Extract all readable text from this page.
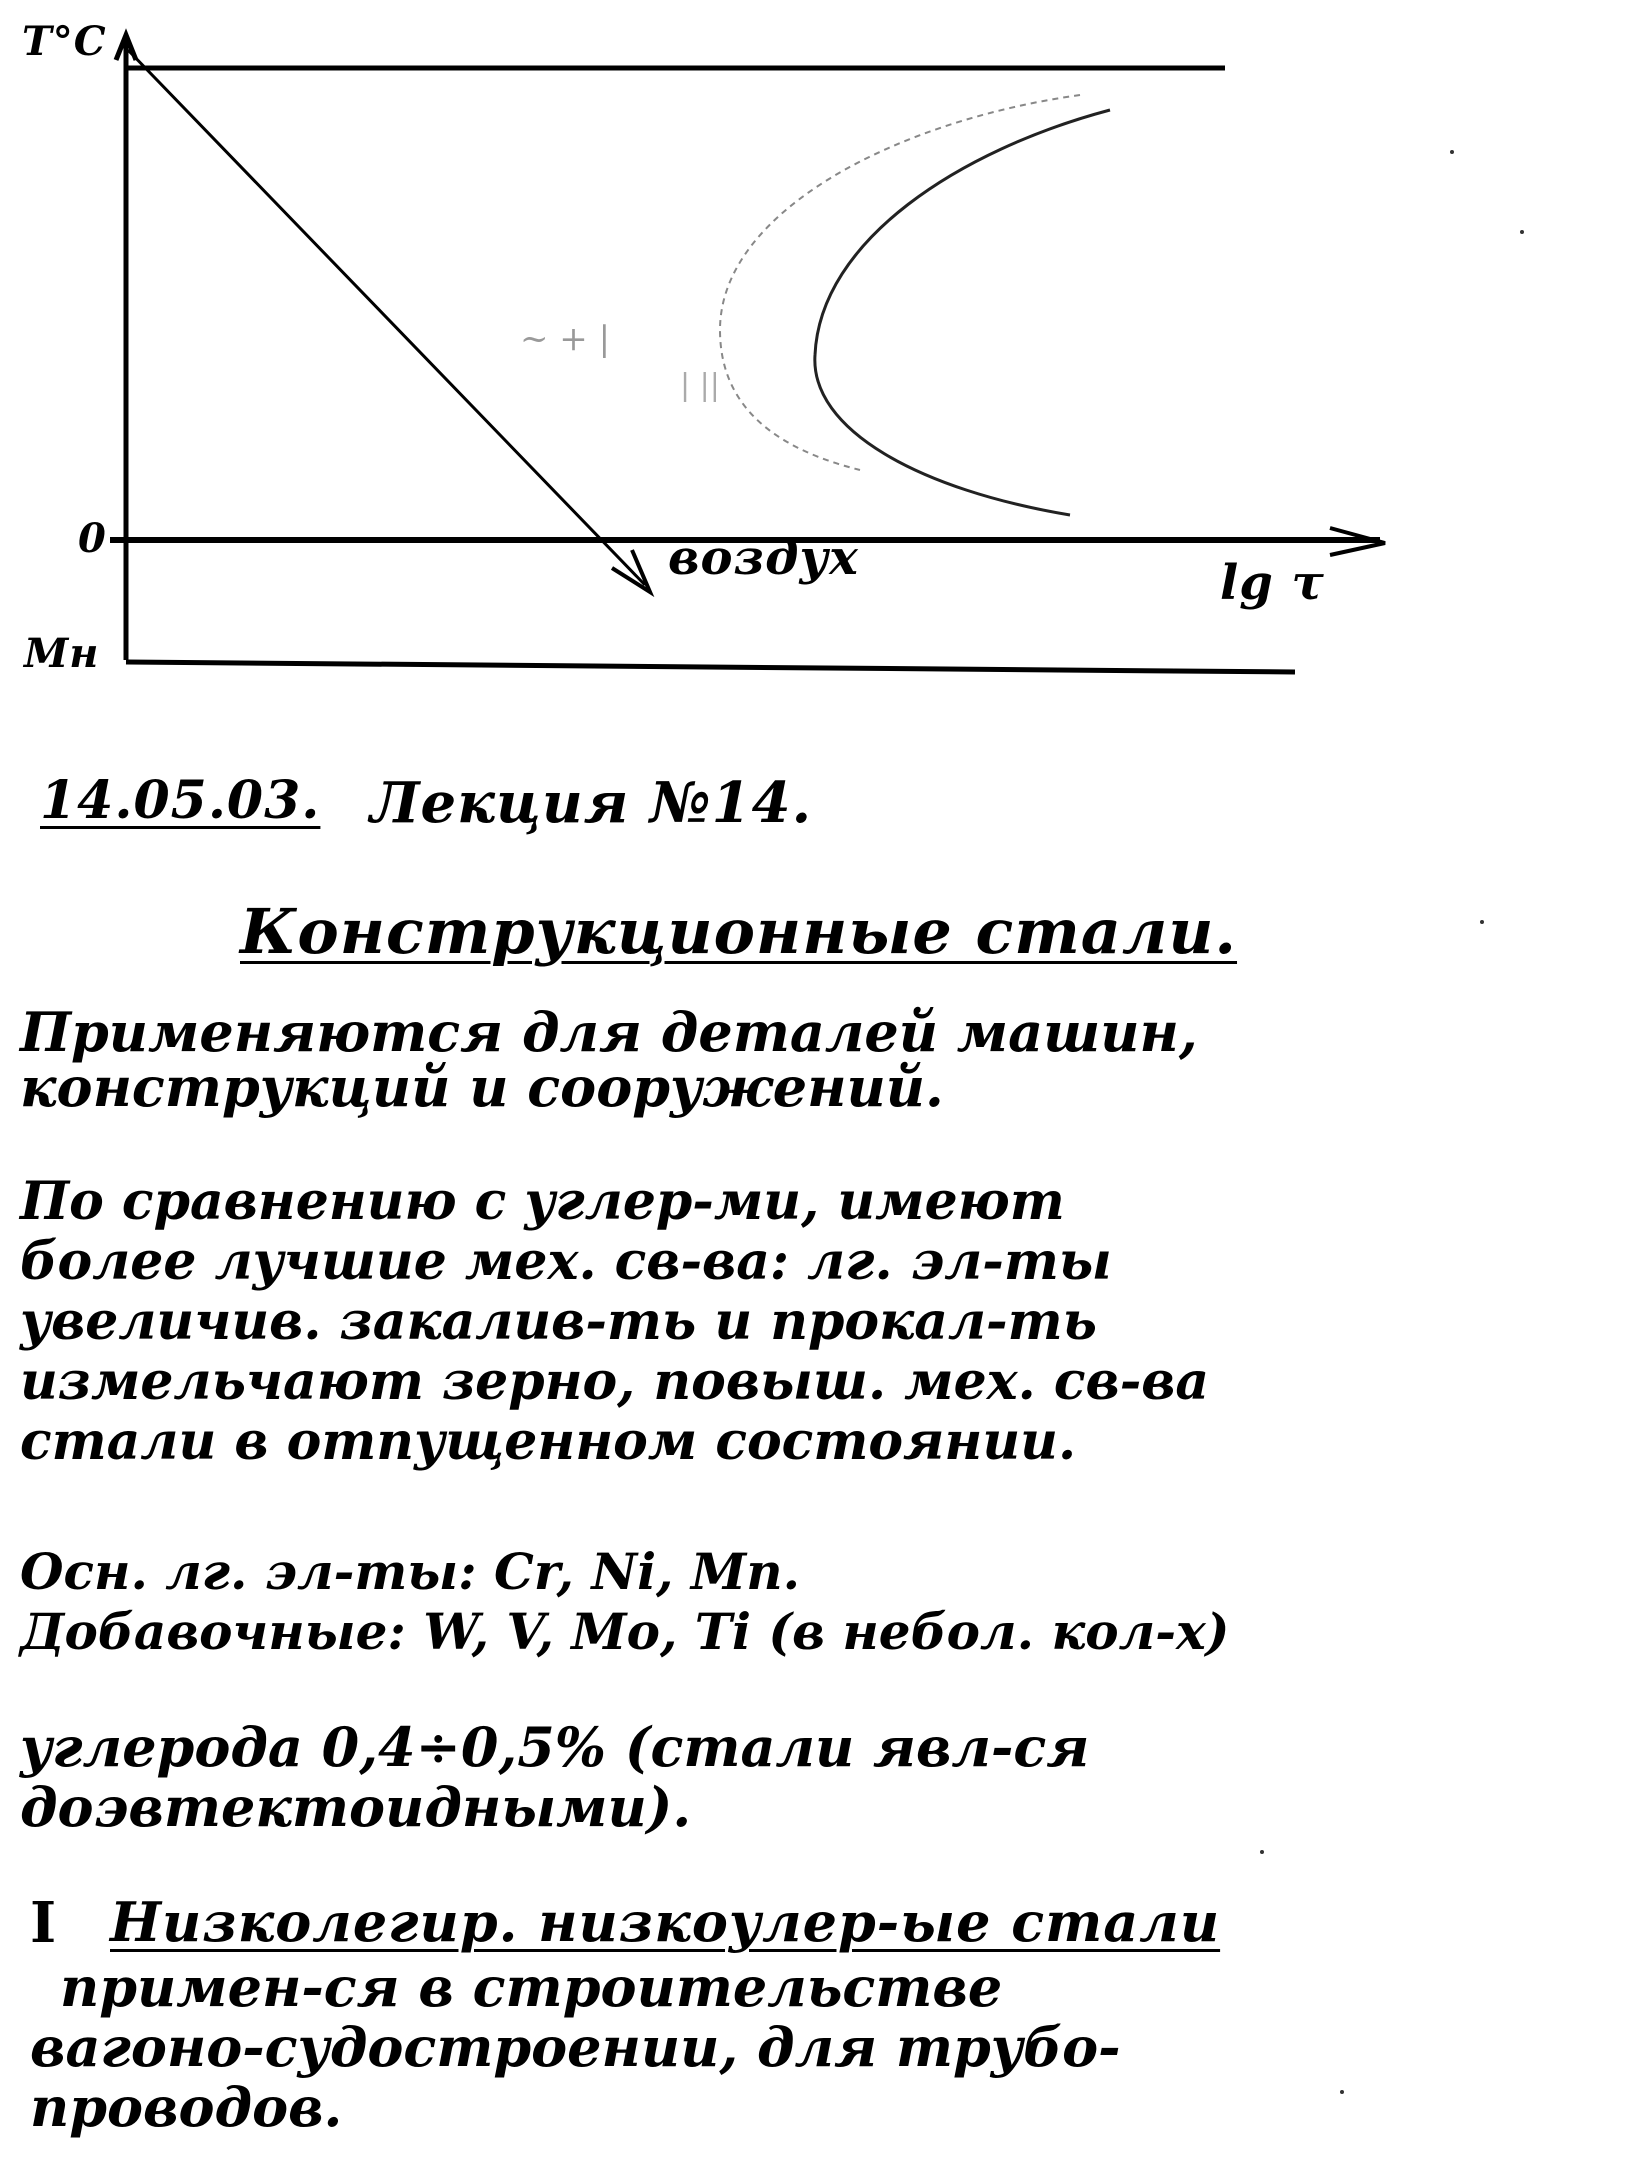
~ + |
| ||
T°C
0
Мн
lg τ
воздух
14.05.03. Лекция №14.
Конструкционные стали.
Применяются для деталей машин,
конструкций и сооружений.
По сравнению с углер-ми, имеют
более лучшие мех. св-ва: лг. эл-ты
увеличив. закалив-ть и прокал-ть
измельчают зерно, повыш. мех. св-ва
стали в отпущенном состоянии.
Осн. лг. эл-ты: Cr, Ni, Mn.
Добавочные: W, V, Mo, Ti (в небол. кол-х)
углерода 0,4÷0,5% (стали явл-ся
доэвтектоидными).
I Низколегир. низкоулер-ые стали
примен-ся в строительстве
вагоно-судостроении, для трубо-
проводов.
